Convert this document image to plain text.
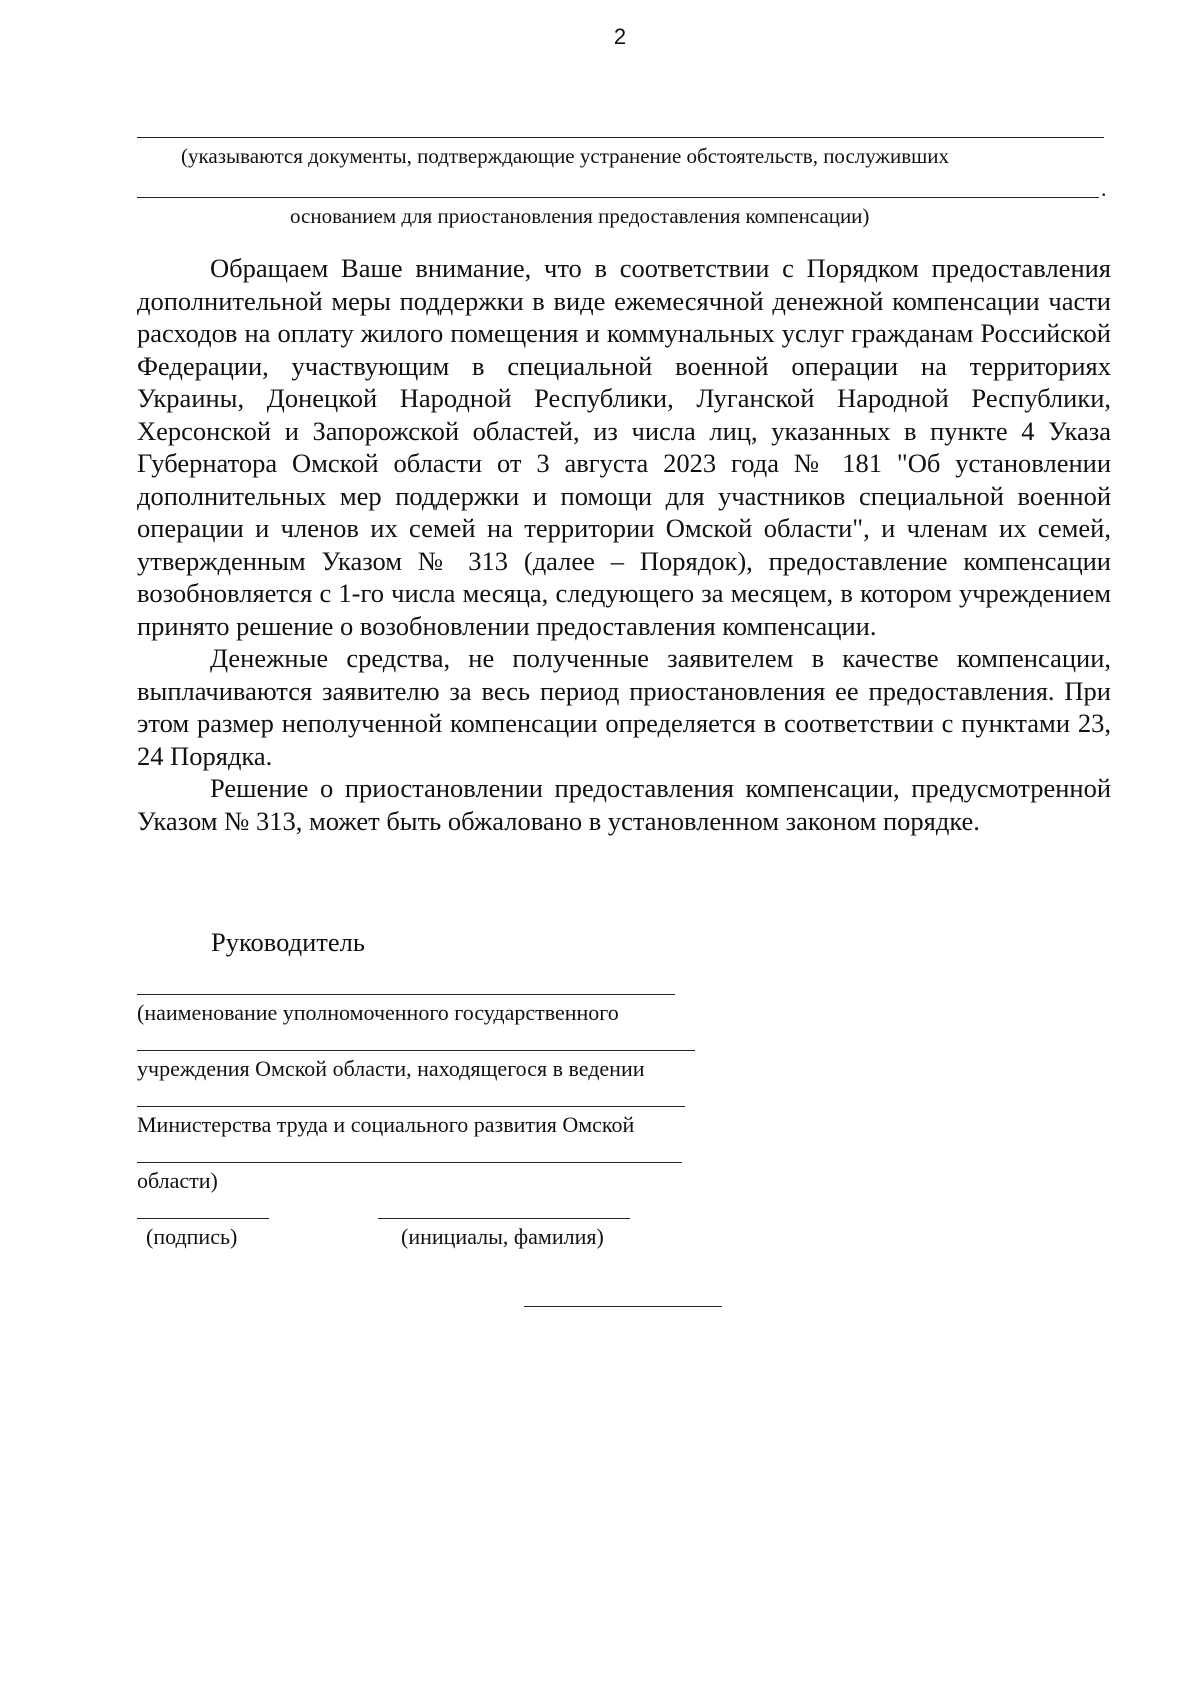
2
(указываются документы, подтверждающие устранение обстоятельств, послуживших
.
основанием для приостановления предоставления компенсации)

Обращаем Ваше внимание, что в соответствии с Порядком предоставления дополнительной меры поддержки в виде ежемесячной денежной компенсации части расходов на оплату жилого помещения и коммунальных услуг гражданам Российской Федерации, участвующим в специальной военной операции на территориях Украины, Донецкой Народной Республики, Луганской Народной Республики, Херсонской и Запорожской областей, из числа лиц, указанных в пункте 4 Указа Губернатора Омской области от 3 августа 2023 года № 181 "Об установлении дополнительных мер поддержки и помощи для участников специальной военной операции и членов их семей на территории Омской области", и членам их семей, утвержденным Указом № 313 (далее – Порядок), предоставление компенсации возобновляется с 1-го числа месяца, следующего за месяцем, в котором учреждением принято решение о возобновлении предоставления компенсации.

Денежные средства, не полученные заявителем в качестве компенсации, выплачиваются заявителю за весь период приостановления ее предоставления. При этом размер неполученной компенсации определяется в соответствии с пунктами 23, 24 Порядка.

Решение о приостановлении предоставления компенсации, предусмотренной Указом № 313, может быть обжаловано в установленном законом порядке.

Руководитель
(наименование уполномоченного государственного
учреждения Омской области, находящегося в ведении
Министерства труда и социального развития Омской
области)
(подпись)	(инициалы, фамилия)
